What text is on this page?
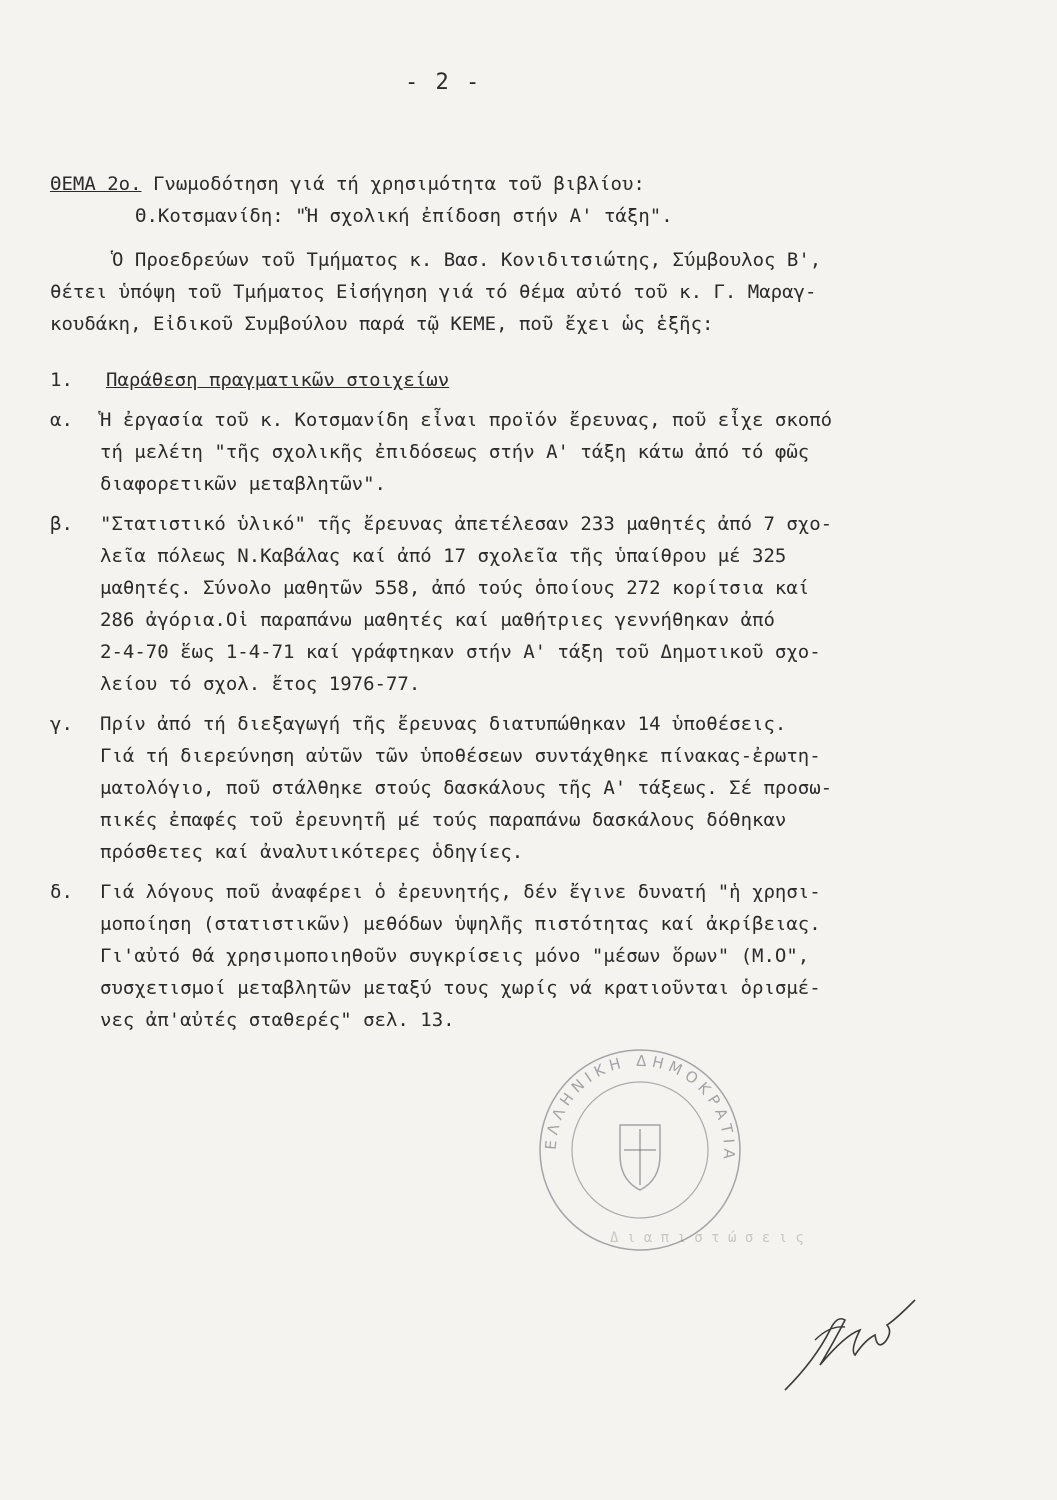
- 2 -
Δ ι α π ι σ τ ώ σ ε ι ς
ΘΕΜΑ 2ο. Γνωμοδότηση γιά τή χρησιμότητα τοῦ βιβλίου:
Θ.Κοτσμανίδη: "Ἡ σχολική ἐπίδοση στήν Α' τάξη".
Ὁ Προεδρεύων τοῦ Τμήματος κ. Βασ. Κονιδιτσιώτης, Σύμβουλος Β',
θέτει ὑπόψη τοῦ Τμήματος Εἰσήγηση γιά τό θέμα αὐτό τοῦ κ. Γ. Μαραγ-
κουδάκη, Εἰδικοῦ Συμβούλου παρά τῷ ΚΕΜΕ, ποῦ ἔχει ὡς ἑξῆς:
1. Παράθεση πραγματικῶν στοιχείων
α.	Ἡ ἐργασία τοῦ κ. Κοτσμανίδη εἶναι προϊόν ἔρευνας, ποῦ εἶχε σκοπό
τή μελέτη "τῆς σχολικῆς ἐπιδόσεως στήν Α' τάξη κάτω ἀπό τό φῶς
διαφορετικῶν μεταβλητῶν".
β.	"Στατιστικό ὑλικό" τῆς ἔρευνας ἀπετέλεσαν 233 μαθητές ἀπό 7 σχο-
λεῖα πόλεως Ν.Καβάλας καί ἀπό 17 σχολεῖα τῆς ὑπαίθρου μέ 325
μαθητές. Σύνολο μαθητῶν 558, ἀπό τούς ὁποίους 272 κορίτσια καί
286 ἀγόρια.Οἱ παραπάνω μαθητές καί μαθήτριες γεννήθηκαν ἀπό
2-4-70 ἕως 1-4-71 καί γράφτηκαν στήν Α' τάξη τοῦ Δημοτικοῦ σχο-
λείου τό σχολ. ἔτος 1976-77.
γ.	Πρίν ἀπό τή διεξαγωγή τῆς ἔρευνας διατυπώθηκαν 14 ὑποθέσεις.
Γιά τή διερεύνηση αὐτῶν τῶν ὑποθέσεων συντάχθηκε πίνακας-ἐρωτη-
ματολόγιο, ποῦ στάλθηκε στούς δασκάλους τῆς Α' τάξεως. Σέ προσω-
πικές ἐπαφές τοῦ ἐρευνητῆ μέ τούς παραπάνω δασκάλους δόθηκαν
πρόσθετες καί ἀναλυτικότερες ὁδηγίες.
δ.	Γιά λόγους ποῦ ἀναφέρει ὁ ἐρευνητής, δέν ἔγινε δυνατή "ἡ χρησι-
μοποίηση (στατιστικῶν) μεθόδων ὑψηλῆς πιστότητας καί ἀκρίβειας.
Γι'αὐτό θά χρησιμοποιηθοῦν συγκρίσεις μόνο "μέσων ὅρων" (Μ.Ο",
συσχετισμοί μεταβλητῶν μεταξύ τους χωρίς νά κρατιοῦνται ὁρισμέ-
νες ἀπ'αὐτές σταθερές" σελ. 13.
ΕΛΛΗΝΙΚΗ ΔΗΜΟΚΡΑΤΙΑ
